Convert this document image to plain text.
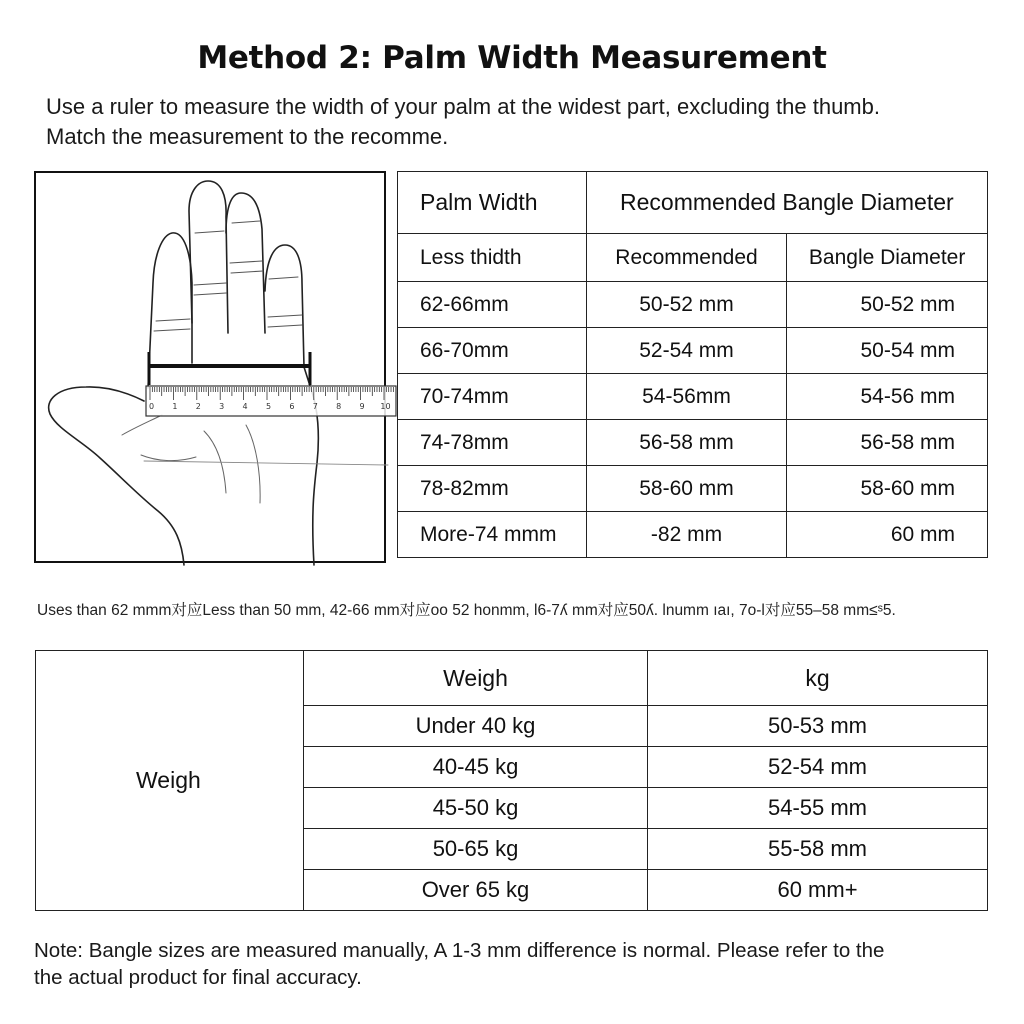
Method 2: Palm Width Measurement
Use a ruler to measure the width of your palm at the widest part, excluding the thumb.
Match the measurement to the recomme.
0 1 2 3 4 5 6 7 8 9 10
Palm Width	Recommended Bangle Diameter	
Less thidth	Recommended	Bangle Diameter
62-66mm	50-52 mm	50-52 mm
66-70mm	52-54 mm	50-54 mm
70-74mm	54-56mm	54-56 mm
74-78mm	56-58 mm	56-58 mm
78-82mm	58-60 mm	58-60 mm
More-74 mmm	-82 mm	60 mm
Uses than 62 mmm对应Less than 50 mm, 42-66 mm对应oo 52 honmm, l6-7ʎ mm对应50ʎ. lnumm ıaı, 7o-l对应55–58 mm≤ˢ5.
Weigh	Weigh	kg
	Under 40 kg	50-53 mm
	40-45 kg	52-54 mm
	45-50 kg	54-55 mm
	50-65 kg	55-58 mm
	Over 65 kg	60 mm+
Note: Bangle sizes are measured manually, A 1-3 mm difference is normal. Please refer to the
the actual product for final accuracy.
